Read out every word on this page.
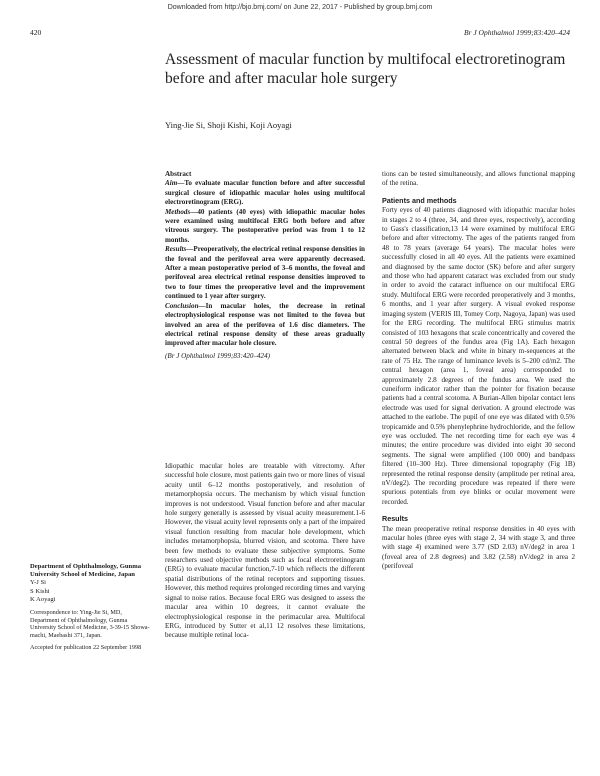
Downloaded from http://bjo.bmj.com/ on June 22, 2017 - Published by group.bmj.com
420	Br J Ophthalmol 1999;83:420–424
Assessment of macular function by multifocal electroretinogram before and after macular hole surgery
Ying-Jie Si, Shoji Kishi, Koji Aoyagi
Abstract

Aim—To evaluate macular function before and after successful surgical closure of idiopathic macular holes using multifocal electroretinogram (ERG).

Methods—40 patients (40 eyes) with idiopathic macular holes were examined using multifocal ERG both before and after vitreous surgery. The postoperative period was from 1 to 12 months.

Results—Preoperatively, the electrical retinal response densities in the foveal and the perifoveal area were apparently decreased. After a mean postoperative period of 3–6 months, the foveal and perifoveal area electrical retinal response densities improved to two to four times the preoperative level and the improvement continued to 1 year after surgery.

Conclusion—In macular holes, the decrease in retinal electrophysiological response was not limited to the fovea but involved an area of the perifovea of 1.6 disc diameters. The electrical retinal response density of these areas gradually improved after macular hole closure.

(Br J Ophthalmol 1999;83:420–424)

Idiopathic macular holes are treatable with vitrectomy. After successful hole closure, most patients gain two or more lines of visual acuity until 6–12 months postoperatively, and resolution of metamorphopsia occurs. The mechanism by which visual function improves is not understood. Visual function before and after macular hole surgery generally is assessed by visual acuity measurement.1-6 However, the visual acuity level represents only a part of the impaired visual function resulting from macular hole development, which includes metamorphopsia, blurred vision, and scotoma. There have been few methods to evaluate these subjective symptoms. Some researchers used objective methods such as focal electroretinogram (ERG) to evaluate macular function,7-10 which reflects the different spatial distributions of the retinal receptors and supporting tissues. However, this method requires prolonged recording times and varying signal to noise ratios. Because focal ERG was designed to assess the macular area within 10 degrees, it cannot evaluate the electrophysiological response in the perimacular area. Multifocal ERG, introduced by Sutter et al,11 12 resolves these limitations, because multiple retinal loca-

Department of Ophthalmology, Gunma University School of Medicine, Japan
Y-J Si
S Kishi
K Aoyagi
Correspondence to: Ying-Jie Si, MD, Department of Ophthalmology, Gunma University School of Medicine, 3-39-15 Showa-machi, Maebashi 371, Japan.
Accepted for publication 22 September 1998

tions can be tested simultaneously, and allows functional mapping of the retina.

Patients and methods

Forty eyes of 40 patients diagnosed with idiopathic macular holes in stages 2 to 4 (three, 34, and three eyes, respectively), according to Gass's classification,13 14 were examined by multifocal ERG before and after vitrectomy. The ages of the patients ranged from 48 to 78 years (average 64 years). The macular holes were successfully closed in all 40 eyes. All the patients were examined and diagnosed by the same doctor (SK) before and after surgery and those who had apparent cataract was excluded from our study in order to avoid the cataract influence on our multifocal ERG study. Multifocal ERG were recorded preoperatively and 3 months, 6 months, and 1 year after surgery. A visual evoked response imaging system (VERIS III, Tomey Corp, Nagoya, Japan) was used for the ERG recording. The multifocal ERG stimulus matrix consisted of 103 hexagons that scale concentrically and covered the central 50 degrees of the fundus area (Fig 1A). Each hexagon alternated between black and white in binary m-sequences at the rate of 75 Hz. The range of luminance levels is 5–200 cd/m2. The central hexagon (area 1, foveal area) corresponded to approximately 2.8 degrees of the fundus area. We used the cuneiform indicator rather than the pointer for fixation because patients had a central scotoma. A Burian-Allen bipolar contact lens electrode was used for signal derivation. A ground electrode was attached to the earlobe. The pupil of one eye was dilated with 0.5% tropicamide and 0.5% phenylephrine hydrochloride, and the fellow eye was occluded. The net recording time for each eye was 4 minutes; the entire procedure was divided into eight 30 second segments. The signal were amplified (100 000) and bandpass filtered (10–300 Hz). Three dimensional topography (Fig 1B) represented the retinal response density (amplitude per retinal area, nV/deg2). The recording procedure was repeated if there were spurious potentials from eye blinks or ocular movement were recorded.

Results

The mean preoperative retinal response densities in 40 eyes with macular holes (three eyes with stage 2, 34 with stage 3, and three with stage 4) examined were 3.77 (SD 2.03) nV/deg2 in area 1 (foveal area of 2.8 degrees) and 3.82 (2.58) nV/deg2 in area 2 (perifoveal
